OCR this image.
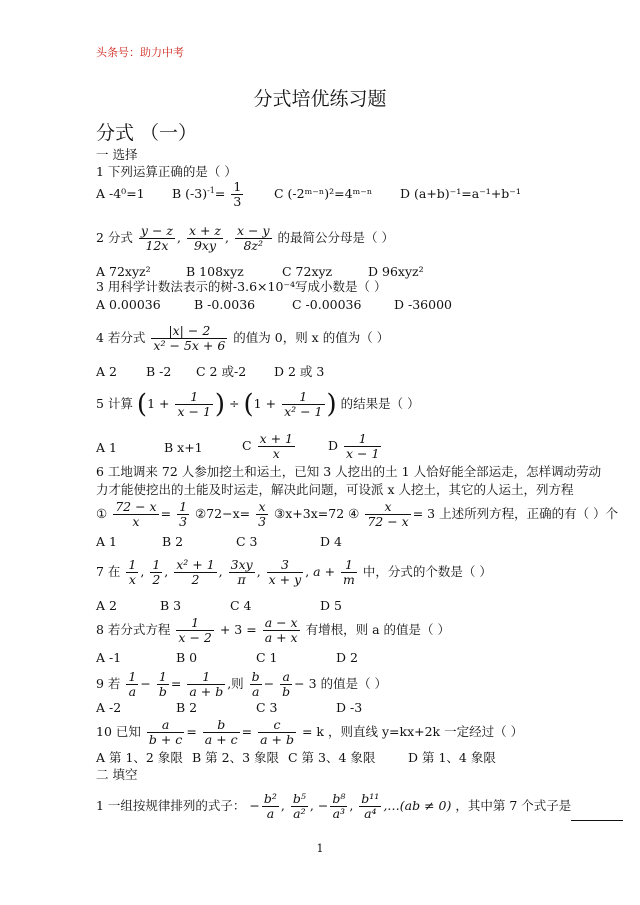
头条号：助力中考
分式培优练习题
分式 （一）
一 选择
1 下列运算正确的是（ ）
A -4⁰=1 B $(-3)^{-1}= \frac{1}{3}$ C (-2ᵐ⁻ⁿ)²=4ᵐ⁻ⁿ D (a+b)⁻¹=a⁻¹+b⁻¹
2 分式 $\frac{y - z}{12x}$ , $\frac{x + z}{9xy}$ , $\frac{x - y}{\text{8z²}}$ 的最简公分母是（ ）
A 72xyz²	B 108xyz	C 72xyz	D 96xyz²
3 用科学计数法表示的树-3.6×10⁻⁴写成小数是（ ）
A 0.00036	B -0.0036	C -0.00036	D -36000
4 若分式 $\frac{|x| - 2}{\text{x² − 5x + 6}}$ 的值为 0，则 x 的值为（ ）
A 2 B -2 C 2 或-2 D 2 或 3
5 计算 ($1 + \frac{1}{x - 1}$ ) ÷ ($1 + \frac{1}{\text{x² − 1}}$ ) 的结果是（ ）
A 1	B x+1	C $\frac{x + 1}{x}$	D $\frac{1}{x - 1}$
6 工地调来 72 人参加挖土和运土，已知 3 人挖出的土 1 人恰好能全部运走，怎样调动劳动
力才能使挖出的土能及时运走，解决此问题，可设派 x 人挖土，其它的人运土，列方程
① $\frac{72 - x}{x} = \frac{1}{3}$ ②72−x= $\frac{x}{3}$ ③x+3x=72 ④ $\frac{x}{72 - x} = 3$ 上述所列方程，正确的有（ ）个
A 1	B 2	C 3	D 4
7 在 $\frac{1}{x}$ , $\frac{1}{2}$ , $\frac{\text{x² + 1}}{2}$ , $\frac{3xy}{\pi}$ , $\frac{3}{x + y}$ , $a + \frac{1}{m}$ 中，分式的个数是（ ）
A 2	B 3	C 4	D 5
8 若分式方程 $\frac{1}{x - 2} + 3 = \frac{a - x}{a + x}$ 有增根，则 a 的值是（ ）
A -1	B 0	C 1	D 2
9 若 $\frac{1}{a} - \frac{1}{b} = \frac{1}{a + b}$ ,则 $\frac{b}{a} - \frac{a}{b} - 3$ 的值是（ ）
A -2	B 2	C 3	D -3
10 已知 $\frac{a}{b + c} = \frac{b}{a + c} = \frac{c}{a + b} = k$ ，则直线 y=kx+2k 一定经过（ ）
A 第 1、2 象限 B 第 2、3 象限 C 第 3、4 象限	D 第 1、4 象限
二 填空
1 一组按规律排列的式子： − $\frac{\text{b²}}{a}$ , $\frac{\text{b⁵}}{\text{a²}}$ , − $\frac{\text{b⁸}}{\text{a³}}$ , $\frac{\text{b¹¹}}{\text{a⁴}}$ ,…(ab ≠ 0) ，其中第 7 个式子是
1
